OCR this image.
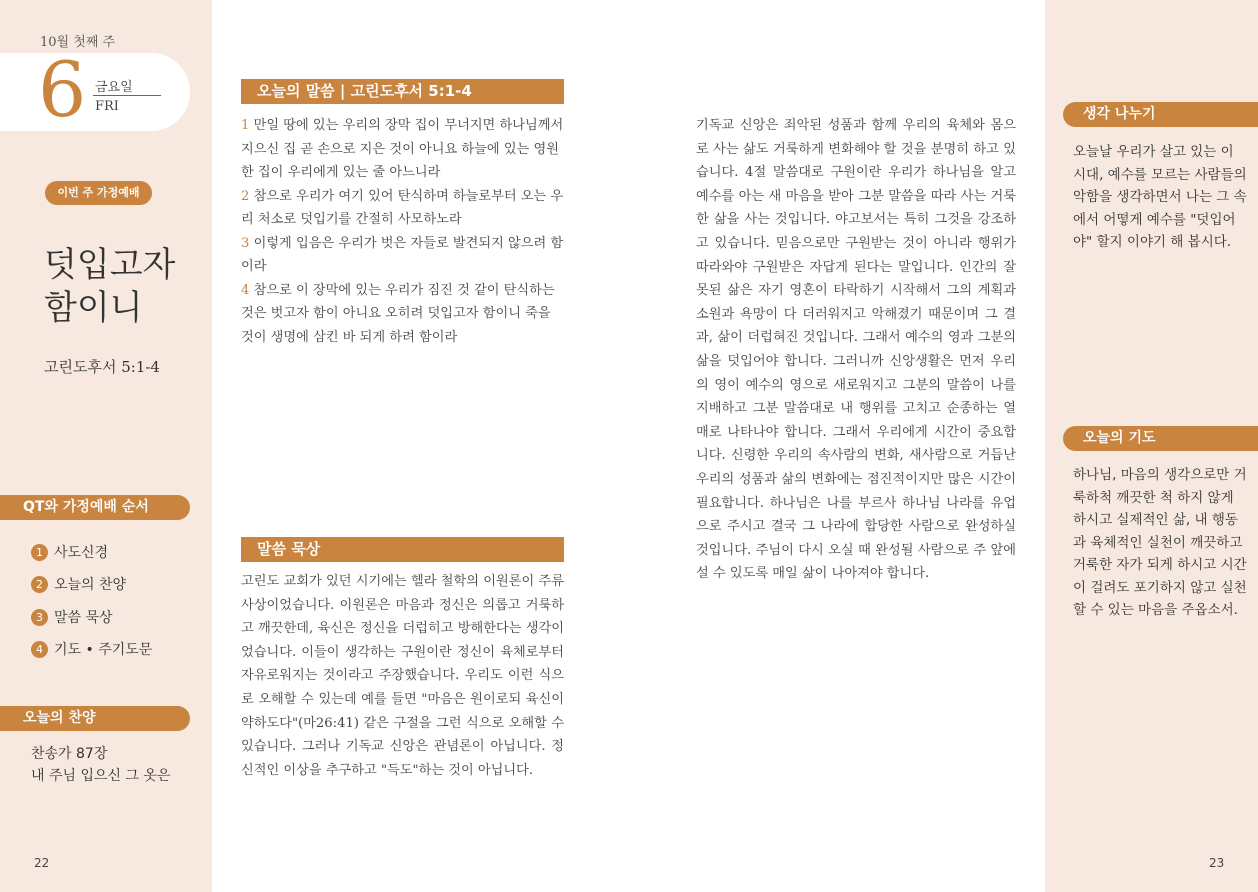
10월 첫째 주
6 금요일
FRI
이번 주 가정예배
덧입고자
함이니
고린도후서 5:1-4
QT와 가정예배 순서
1 사도신경
2 오늘의 찬양
3 말씀 묵상
4 기도 • 주기도문
오늘의 찬양
찬송가 87장
내 주님 입으신 그 옷은
22
오늘의 말씀 | 고린도후서 5:1-4
1 만일 땅에 있는 우리의 장막 집이 무너지면 하나님께서 지으신 집 곧 손으로 지은 것이 아니요 하늘에 있는 영원한 집이 우리에게 있는 줄 아느니라
2 참으로 우리가 여기 있어 탄식하며 하늘로부터 오는 우리 처소로 덧입기를 간절히 사모하노라
3 이렇게 입음은 우리가 벗은 자들로 발견되지 않으려 함이라
4 참으로 이 장막에 있는 우리가 짐진 것 같이 탄식하는 것은 벗고자 함이 아니요 오히려 덧입고자 함이니 죽을 것이 생명에 삼킨 바 되게 하려 함이라
말씀 묵상
고린도 교회가 있던 시기에는 헬라 철학의 이원론이 주류 사상이었습니다. 이원론은 마음과 정신은 의롭고 거룩하고 깨끗한데, 육신은 정신을 더럽히고 방해한다는 생각이었습니다. 이들이 생각하는 구원이란 정신이 육체로부터 자유로워지는 것이라고 주장했습니다. 우리도 이런 식으로 오해할 수 있는데 예를 들면 "마음은 원이로되 육신이 약하도다"(마26:41) 같은 구절을 그런 식으로 오해할 수 있습니다. 그러나 기독교 신앙은 관념론이 아닙니다. 정신적인 이상을 추구하고 "득도"하는 것이 아닙니다.
기독교 신앙은 죄악된 성품과 함께 우리의 육체와 몸으로 사는 삶도 거룩하게 변화해야 할 것을 분명히 하고 있습니다. 4절 말씀대로 구원이란 우리가 하나님을 알고 예수를 아는 새 마음을 받아 그분 말씀을 따라 사는 거룩한 삶을 사는 것입니다. 야고보서는 특히 그것을 강조하고 있습니다. 믿음으로만 구원받는 것이 아니라 행위가 따라와야 구원받은 자답게 된다는 말입니다. 인간의 잘못된 삶은 자기 영혼이 타락하기 시작해서 그의 계획과 소원과 욕망이 다 더러워지고 악해졌기 때문이며 그 결과, 삶이 더럽혀진 것입니다. 그래서 예수의 영과 그분의 삶을 덧입어야 합니다. 그러니까 신앙생활은 먼저 우리의 영이 예수의 영으로 새로워지고 그분의 말씀이 나를 지배하고 그분 말씀대로 내 행위를 고치고 순종하는 열매로 나타나야 합니다. 그래서 우리에게 시간이 중요합니다. 신령한 우리의 속사람의 변화, 새사람으로 거듭난 우리의 성품과 삶의 변화에는 점진적이지만 많은 시간이 필요합니다. 하나님은 나를 부르사 하나님 나라를 유업으로 주시고 결국 그 나라에 합당한 사람으로 완성하실 것입니다. 주님이 다시 오실 때 완성될 사람으로 주 앞에 설 수 있도록 매일 삶이 나아져야 합니다.
생각 나누기
오늘날 우리가 살고 있는 이 시대, 예수를 모르는 사람들의 악함을 생각하면서 나는 그 속에서 어떻게 예수를 "덧입어야" 할지 이야기 해 봅시다.
오늘의 기도
하나님, 마음의 생각으로만 거룩하척 깨끗한 척 하지 않게 하시고 실제적인 삶, 내 행동과 육체적인 실천이 깨끗하고 거룩한 자가 되게 하시고 시간이 걸려도 포기하지 않고 실천할 수 있는 마음을 주옵소서.
23
